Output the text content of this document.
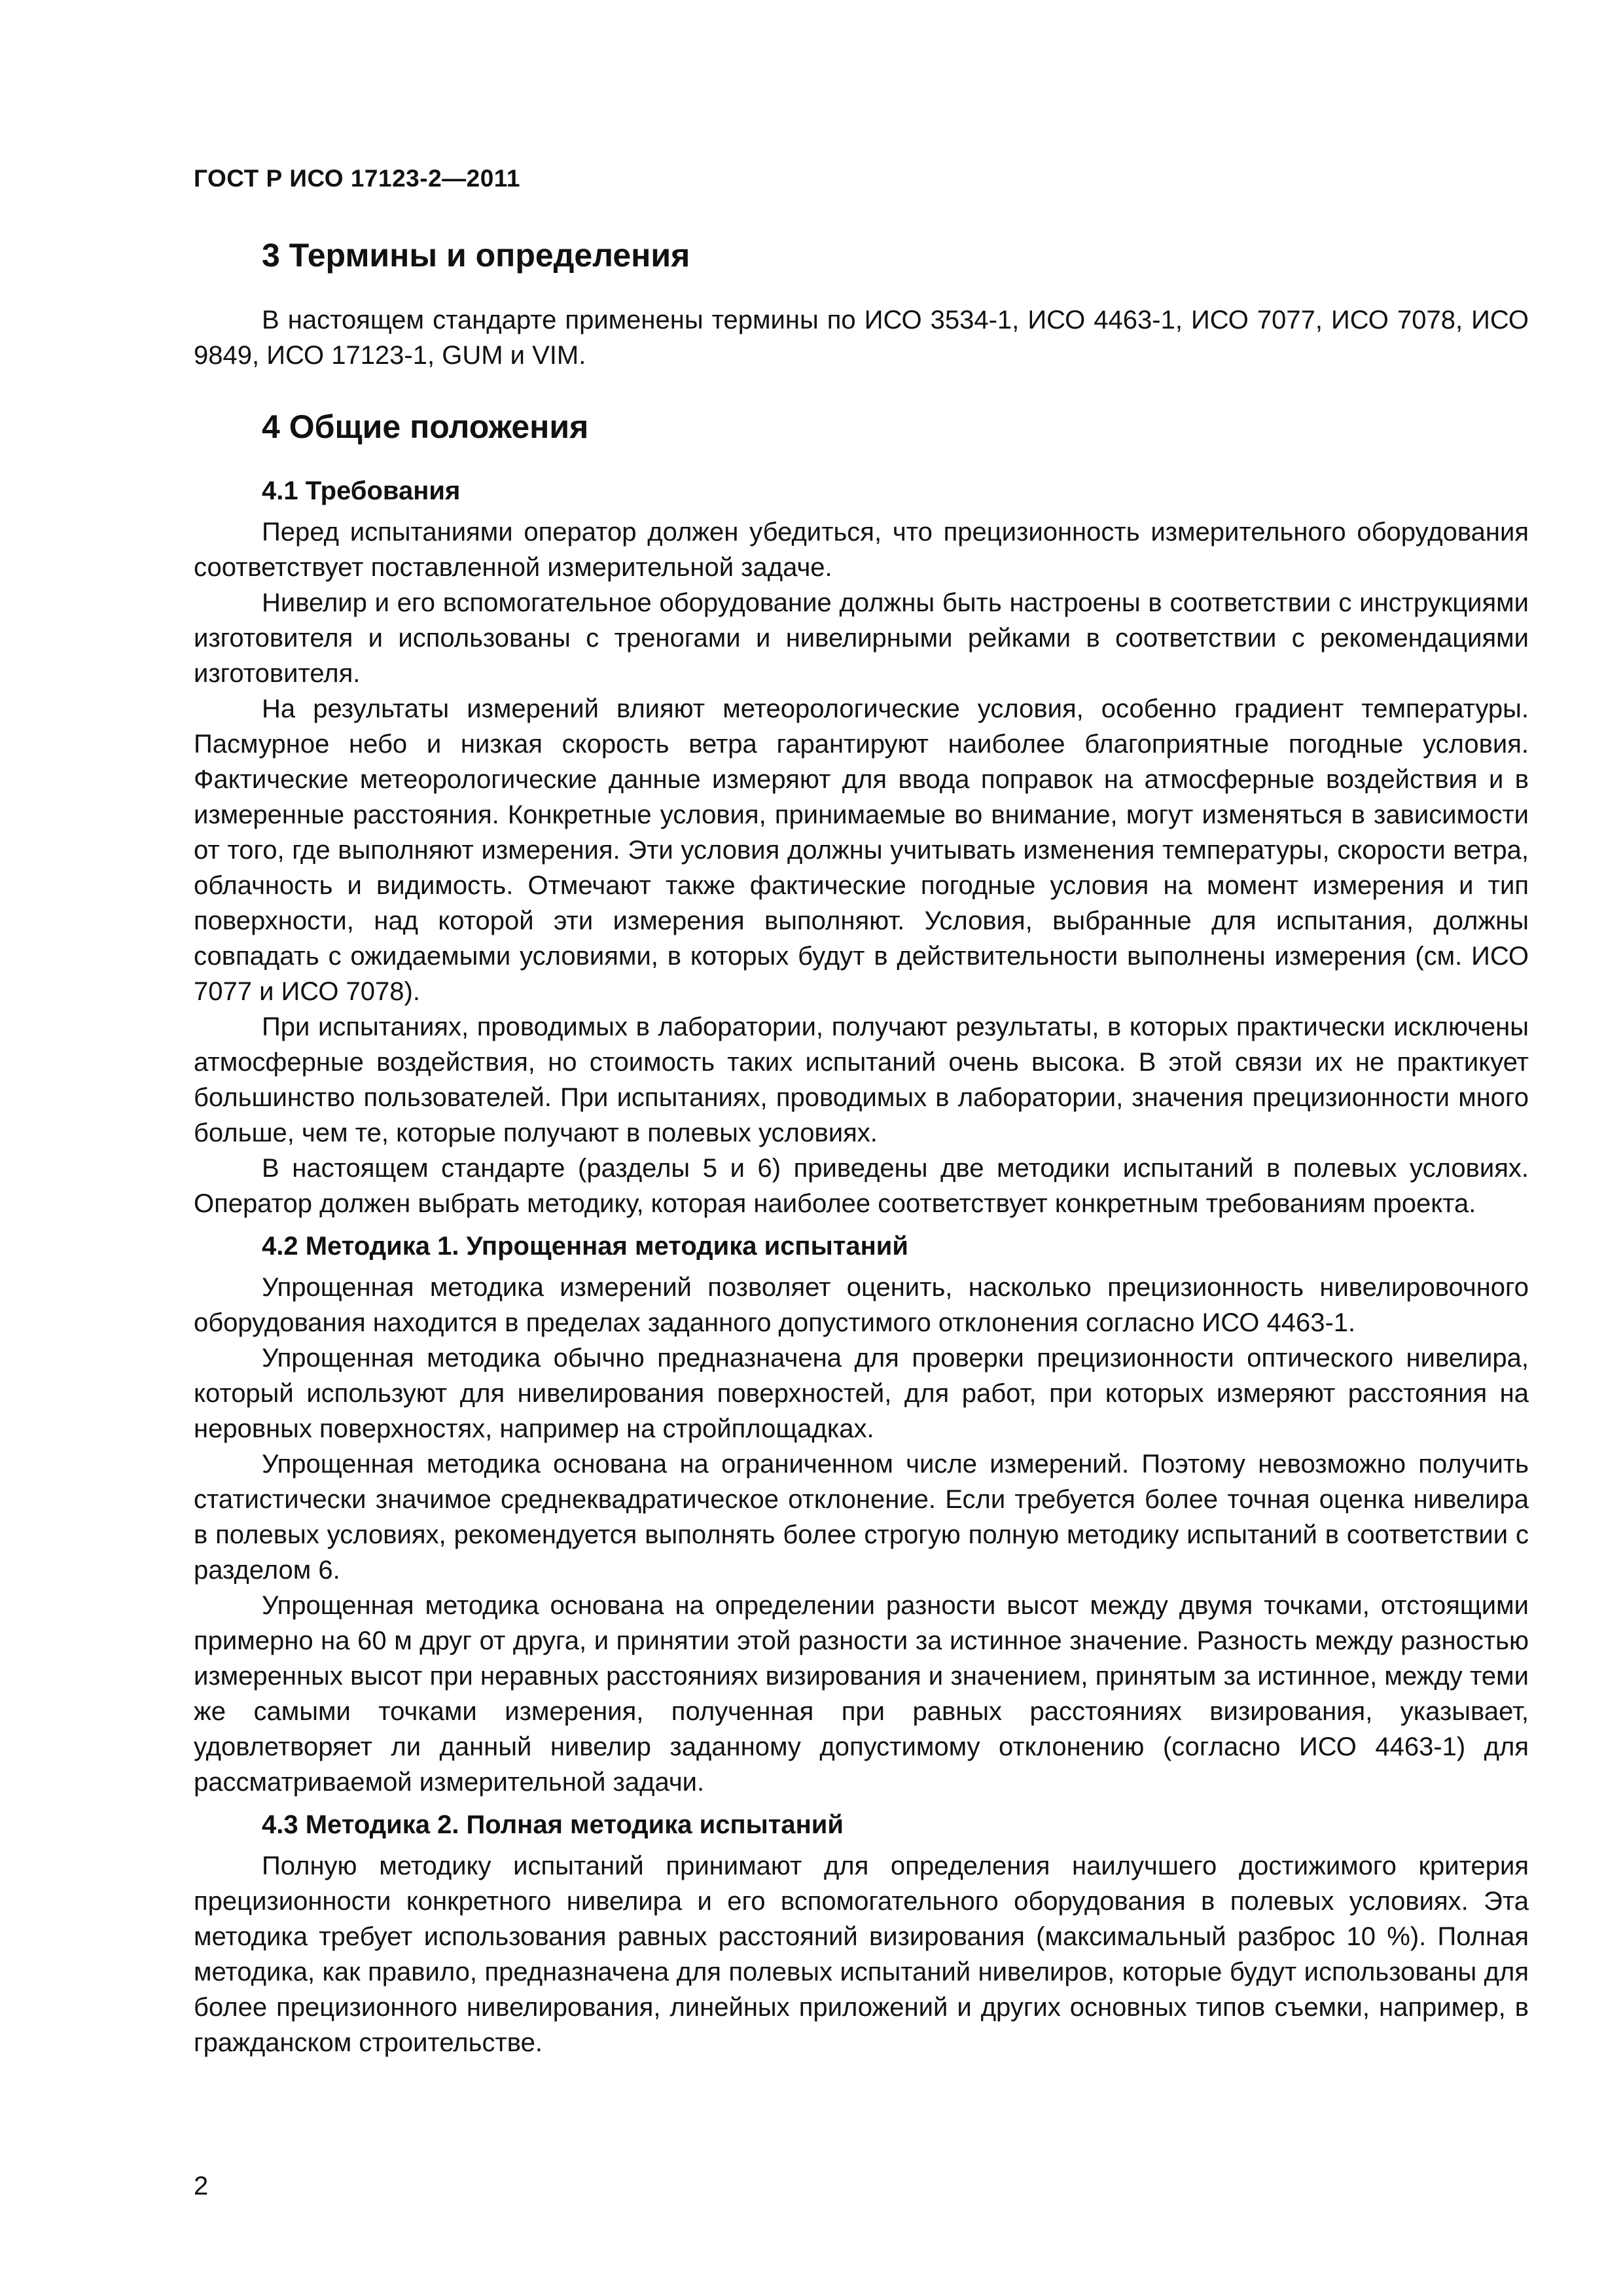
ГОСТ Р ИСО 17123-2—2011
3 Термины и определения

В настоящем стандарте применены термины по ИСО 3534-1, ИСО 4463-1, ИСО 7077, ИСО 7078, ИСО 9849, ИСО 17123-1, GUM и VIM.

4 Общие положения
4.1 Требования

Перед испытаниями оператор должен убедиться, что прецизионность измерительного оборудования соответствует поставленной измерительной задаче.

Нивелир и его вспомогательное оборудование должны быть настроены в соответствии с инструкциями изготовителя и использованы с треногами и нивелирными рейками в соответствии с рекомендациями изготовителя.

На результаты измерений влияют метеорологические условия, особенно градиент температуры. Пасмурное небо и низкая скорость ветра гарантируют наиболее благоприятные погодные условия. Фактические метеорологические данные измеряют для ввода поправок на атмосферные воздействия и в измеренные расстояния. Конкретные условия, принимаемые во внимание, могут изменяться в зависимости от того, где выполняют измерения. Эти условия должны учитывать изменения температуры, скорости ветра, облачность и видимость. Отмечают также фактические погодные условия на момент измерения и тип поверхности, над которой эти измерения выполняют. Условия, выбранные для испытания, должны совпадать с ожидаемыми условиями, в которых будут в действительности выполнены измерения (см. ИСО 7077 и ИСО 7078).

При испытаниях, проводимых в лаборатории, получают результаты, в которых практически исключены атмосферные воздействия, но стоимость таких испытаний очень высока. В этой связи их не практикует большинство пользователей. При испытаниях, проводимых в лаборатории, значения прецизионности много больше, чем те, которые получают в полевых условиях.

В настоящем стандарте (разделы 5 и 6) приведены две методики испытаний в полевых условиях. Оператор должен выбрать методику, которая наиболее соответствует конкретным требованиям проекта.

4.2 Методика 1. Упрощенная методика испытаний

Упрощенная методика измерений позволяет оценить, насколько прецизионность нивелировочного оборудования находится в пределах заданного допустимого отклонения согласно ИСО 4463-1.

Упрощенная методика обычно предназначена для проверки прецизионности оптического нивелира, который используют для нивелирования поверхностей, для работ, при которых измеряют расстояния на неровных поверхностях, например на стройплощадках.

Упрощенная методика основана на ограниченном числе измерений. Поэтому невозможно получить статистически значимое среднеквадратическое отклонение. Если требуется более точная оценка нивелира в полевых условиях, рекомендуется выполнять более строгую полную методику испытаний в соответствии с разделом 6.

Упрощенная методика основана на определении разности высот между двумя точками, отстоящими примерно на 60 м друг от друга, и принятии этой разности за истинное значение. Разность между разностью измеренных высот при неравных расстояниях визирования и значением, принятым за истинное, между теми же самыми точками измерения, полученная при равных расстояниях визирования, указывает, удовлетворяет ли данный нивелир заданному допустимому отклонению (согласно ИСО 4463-1) для рассматриваемой измерительной задачи.

4.3 Методика 2. Полная методика испытаний

Полную методику испытаний принимают для определения наилучшего достижимого критерия прецизионности конкретного нивелира и его вспомогательного оборудования в полевых условиях. Эта методика требует использования равных расстояний визирования (максимальный разброс 10 %). Полная методика, как правило, предназначена для полевых испытаний нивелиров, которые будут использованы для более прецизионного нивелирования, линейных приложений и других основных типов съемки, например, в гражданском строительстве.

2
